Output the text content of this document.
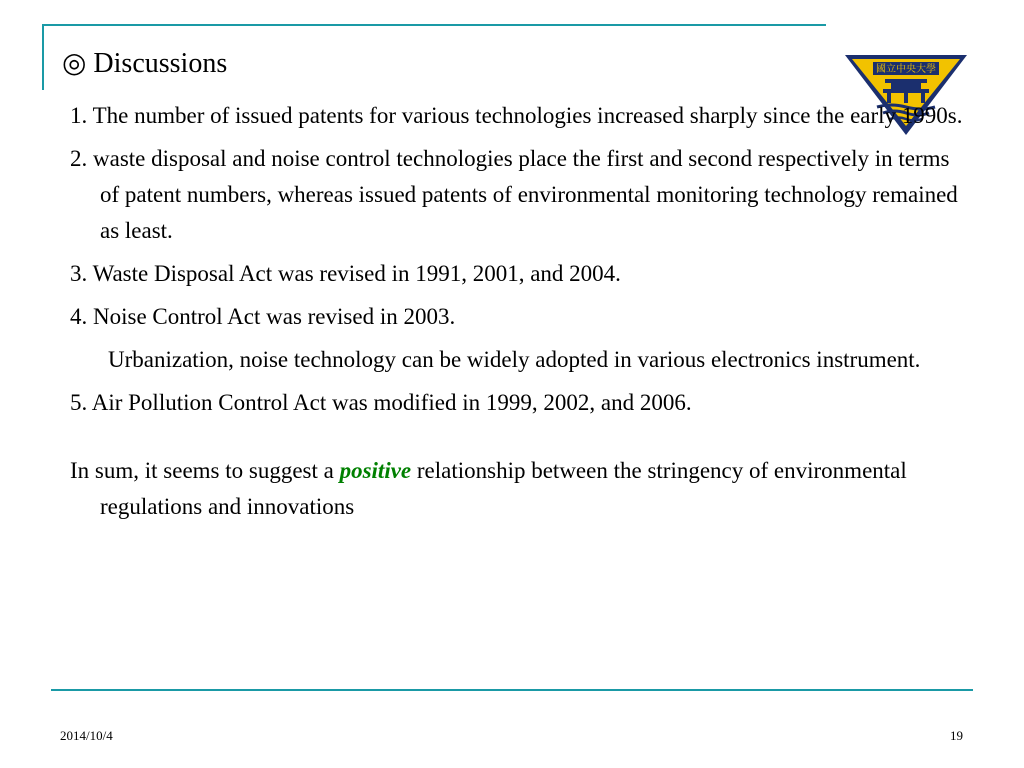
◎ Discussions	國立中央大學

1. The number of issued patents for various technologies increased sharply since the early 1990s.

2. waste disposal and noise control technologies place the first and second respectively in terms of patent numbers, whereas issued patents of environmental monitoring technology remained as least.

3. Waste Disposal Act was revised in 1991, 2001, and 2004.

4. Noise Control Act was revised in 2003.

Urbanization, noise technology can be widely adopted in various electronics instrument.

5. Air Pollution Control Act was modified in 1999, 2002, and 2006.

In sum, it seems to suggest a positive relationship between the stringency of environmental regulations and innovations

2014/10/4	19
